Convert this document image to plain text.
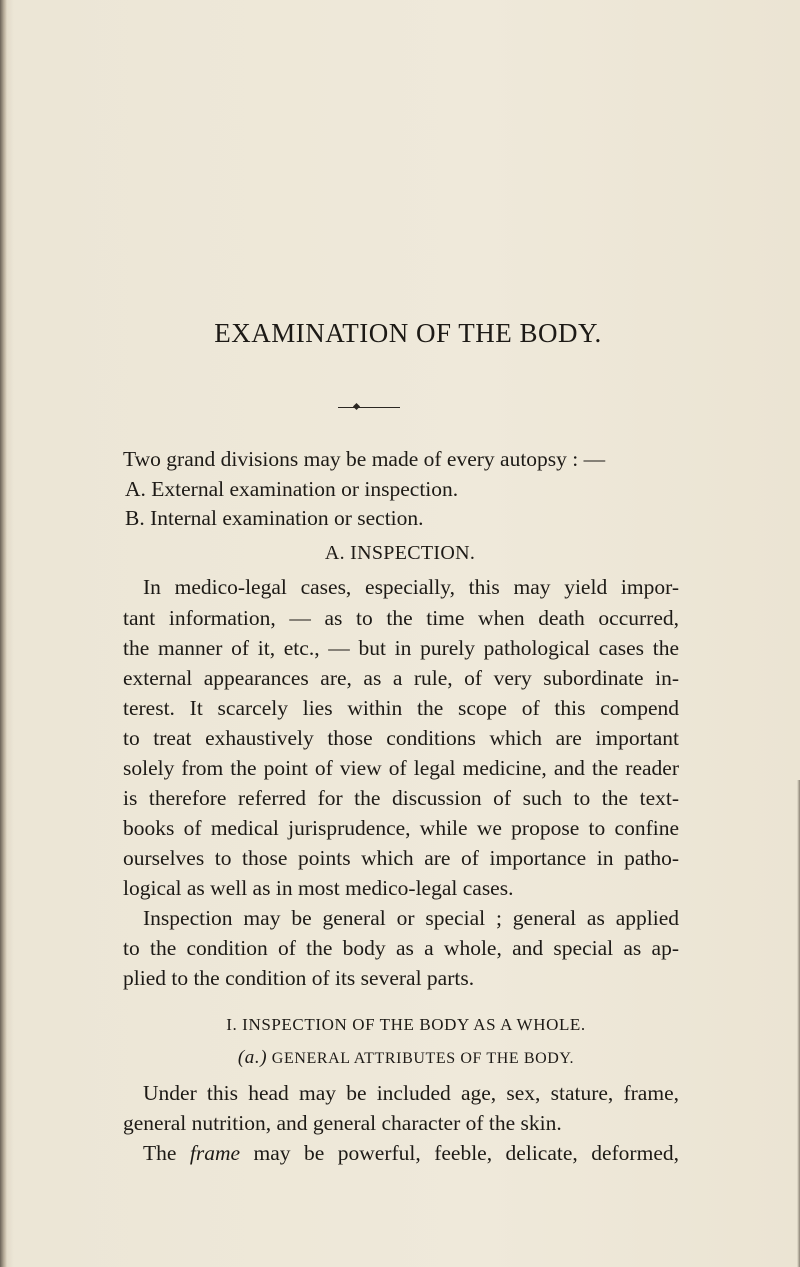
EXAMINATION OF THE BODY.
Two grand divisions may be made of every autopsy : —
A. External examination or inspection.
B. Internal examination or section.
A. INSPECTION.
In medico-legal cases, especially, this may yield impor-
tant information, — as to the time when death occurred,
the manner of it, etc., — but in purely pathological cases the
external appearances are, as a rule, of very subordinate in-
terest. It scarcely lies within the scope of this compend
to treat exhaustively those conditions which are important
solely from the point of view of legal medicine, and the reader
is therefore referred for the discussion of such to the text-
books of medical jurisprudence, while we propose to confine
ourselves to those points which are of importance in patho-
logical as well as in most medico-legal cases.
Inspection may be general or special ; general as applied
to the condition of the body as a whole, and special as ap-
plied to the condition of its several parts.
I. INSPECTION OF THE BODY AS A WHOLE.
(a.) GENERAL ATTRIBUTES OF THE BODY.
Under this head may be included age, sex, stature, frame,
general nutrition, and general character of the skin.
The frame may be powerful, feeble, delicate, deformed,
